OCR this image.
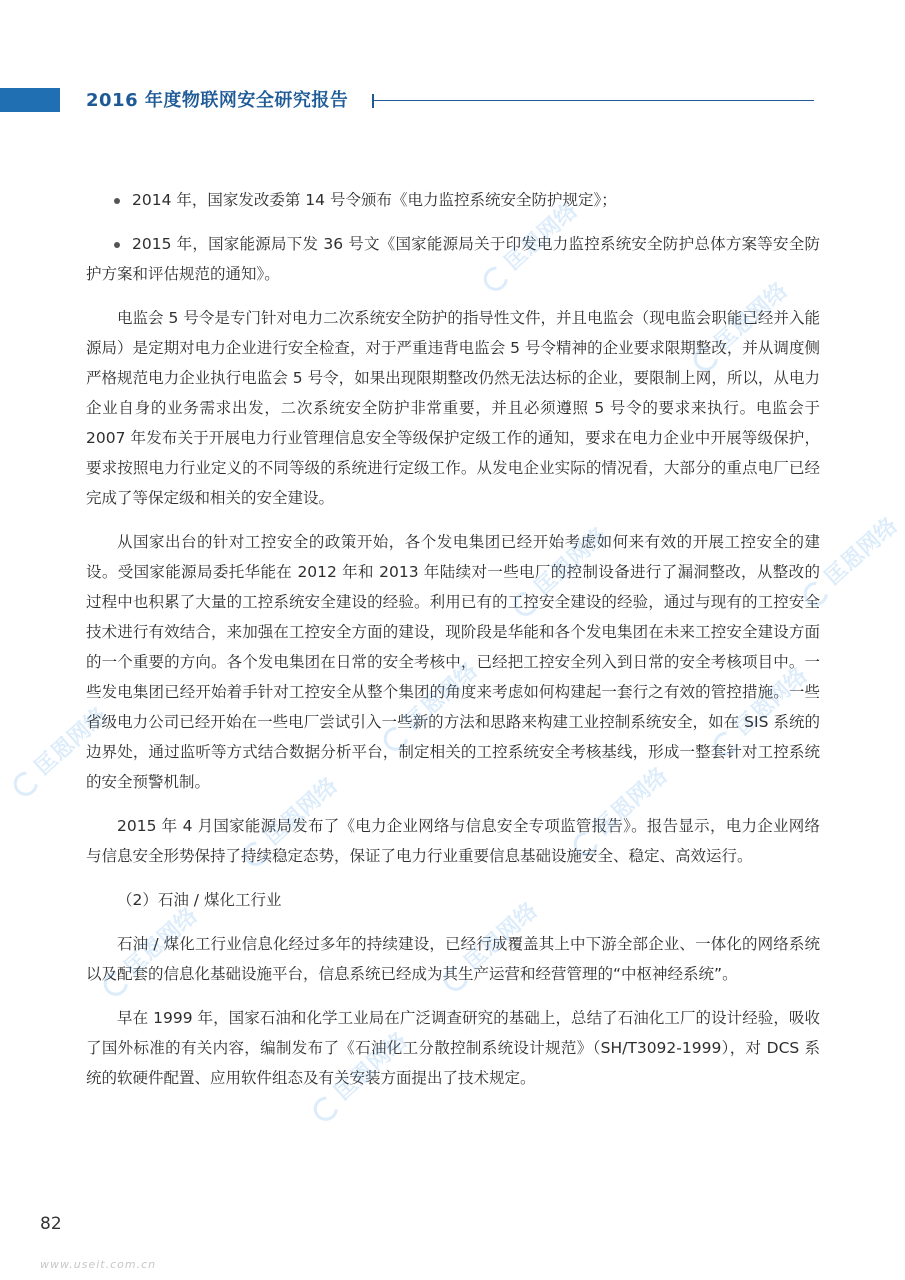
2016 年度物联网安全研究报告

2014 年，国家发改委第 14 号令颁布《电力监控系统安全防护规定》；

2015 年，国家能源局下发 36 号文《国家能源局关于印发电力监控系统安全防护总体方案等安全防护方案和评估规范的通知》。

电监会 5 号令是专门针对电力二次系统安全防护的指导性文件，并且电监会（现电监会职能已经并入能源局）是定期对电力企业进行安全检查，对于严重违背电监会 5 号令精神的企业要求限期整改，并从调度侧严格规范电力企业执行电监会 5 号令，如果出现限期整改仍然无法达标的企业，要限制上网，所以，从电力企业自身的业务需求出发，二次系统安全防护非常重要，并且必须遵照 5 号令的要求来执行。电监会于 2007 年发布关于开展电力行业管理信息安全等级保护定级工作的通知，要求在电力企业中开展等级保护，要求按照电力行业定义的不同等级的系统进行定级工作。从发电企业实际的情况看，大部分的重点电厂已经完成了等保定级和相关的安全建设。

从国家出台的针对工控安全的政策开始，各个发电集团已经开始考虑如何来有效的开展工控安全的建设。受国家能源局委托华能在 2012 年和 2013 年陆续对一些电厂的控制设备进行了漏洞整改，从整改的过程中也积累了大量的工控系统安全建设的经验。利用已有的工控安全建设的经验，通过与现有的工控安全技术进行有效结合，来加强在工控安全方面的建设，现阶段是华能和各个发电集团在未来工控安全建设方面的一个重要的方向。各个发电集团在日常的安全考核中，已经把工控安全列入到日常的安全考核项目中。一些发电集团已经开始着手针对工控安全从整个集团的角度来考虑如何构建起一套行之有效的管控措施。一些省级电力公司已经开始在一些电厂尝试引入一些新的方法和思路来构建工业控制系统安全，如在 SIS 系统的边界处，通过监听等方式结合数据分析平台，制定相关的工控系统安全考核基线，形成一整套针对工控系统的安全预警机制。

2015 年 4 月国家能源局发布了《电力企业网络与信息安全专项监管报告》。报告显示，电力企业网络与信息安全形势保持了持续稳定态势，保证了电力行业重要信息基础设施安全、稳定、高效运行。

（2）石油 / 煤化工行业

石油 / 煤化工行业信息化经过多年的持续建设，已经行成覆盖其上中下游全部企业、一体化的网络系统以及配套的信息化基础设施平台，信息系统已经成为其生产运营和经营管理的“中枢神经系统”。

早在 1999 年，国家石油和化学工业局在广泛调查研究的基础上，总结了石油化工厂的设计经验，吸收了国外标准的有关内容，编制发布了《石油化工分散控制系统设计规范》（SH/T3092-1999），对 DCS 系统的软硬件配置、应用软件组态及有关安装方面提出了技术规定。

匡恩网络
匡恩网络
匡恩网络	匡恩网络
匡恩网络	匡恩网络
匡恩网络
匡恩网络	匡恩网络
匡恩网络	匡恩网络
匡恩网络
82
www.useit.com.cn
